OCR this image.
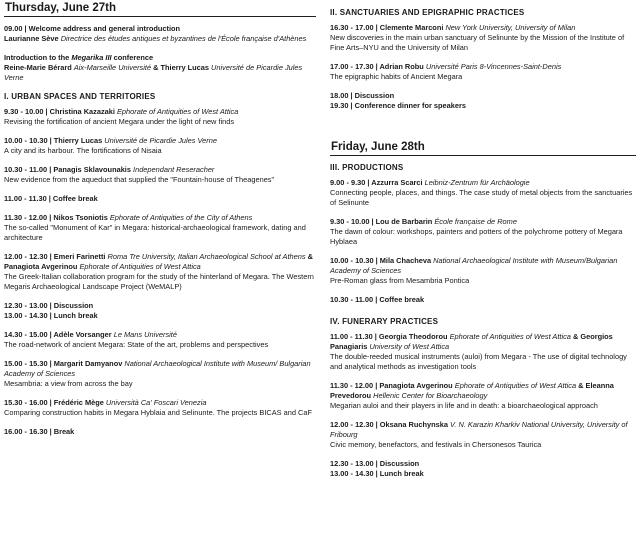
Thursday, June 27th
09.00 | Welcome address and general introduction
Laurianne Sève Directrice des études antiques et byzantines de l'École française d'Athènes
Introduction to the Megarika III conference
Reine-Marie Bérard Aix-Marseille Université & Thierry Lucas Université de Picardie Jules Verne
I. URBAN SPACES AND TERRITORIES
9.30 - 10.00 | Christina Kazazaki Ephorate of Antiquities of West Attica
Revising the fortification of ancient Megara under the light of new finds
10.00 - 10.30 | Thierry Lucas Université de Picardie Jules Verne
A city and its harbour. The fortifications of Nisaia
10.30 - 11.00 | Panagis Sklavounakis Independant Reseracher
New evidence from the aqueduct that supplied the "Fountain-house of Theagenes"
11.00 - 11.30 | Coffee break
11.30 - 12.00 | Nikos Tsoniotis Ephorate of Antiquities of the City of Athens
The so-called "Monument of Kar" in Megara: historical-archaeological framework, dating and architecture
12.00 - 12.30 | Emeri Farinetti Roma Tre University, Italian Archaeological School at Athens & Panagiota Avgerinou Ephorate of Antiquities of West Attica
The Greek-Italian collaboration program for the study of the hinterland of Megara. The Western Megaris Archaeological Landscape Project (WeMALP)
12.30 - 13.00 | Discussion
13.00 - 14.30 | Lunch break
14.30 - 15.00 | Adèle Vorsanger Le Mans Université
The road-network of ancient Megara: State of the art, problems and perspectives
15.00 - 15.30 | Margarit Damyanov National Archaeological Institute with Museum/ Bulgarian Academy of Sciences
Mesambria: a view from across the bay
15.30 - 16.00 | Frédéric Mège Università Ca' Foscari Venezia
Comparing construction habits in Megara Hyblaia and Selinunte. The projects BICAS and CaF
16.00 - 16.30 | Break
II. SANCTUARIES AND EPIGRAPHIC PRACTICES
16.30 - 17.00 | Clemente Marconi New York University, University of Milan
New discoveries in the main urban sanctuary of Selinunte by the Mission of the Institute of Fine Arts–NYU and the University of Milan
17.00 - 17.30 | Adrian Robu Université Paris 8-Vincennes-Saint-Denis
The epigraphic habits of Ancient Megara
18.00 | Discussion
19.30 | Conference dinner for speakers
Friday, June 28th
III. PRODUCTIONS
9.00 - 9.30 | Azzurra Scarci Leibniz-Zentrum für Archäologie
Connecting people, places, and things. The case study of metal objects from the sanctuaries of Selinunte
9.30 - 10.00 | Lou de Barbarin École française de Rome
The dawn of colour: workshops, painters and potters of the polychrome pottery of Megara Hyblaea
10.00 - 10.30 | Mila Chacheva National Archaeological Institute with Museum/Bulgarian Academy of Sciences
Pre-Roman glass from Mesambria Pontica
10.30 - 11.00 | Coffee break
IV. FUNERARY PRACTICES
11.00 - 11.30 | Georgia Theodorou Ephorate of Antiquities of West Attica & Georgios Panagiaris University of West Attica
The double-reeded musical instruments (auloi) from Megara - The use of digital technology and analytical methods as investigation tools
11.30 - 12.00 | Panagiota Avgerinou Ephorate of Antiquities of West Attica & Eleanna Prevedorou Hellenic Center for Bioarchaeology
Megarian auloi and their players in life and in death: a bioarchaeological approach
12.00 - 12.30 | Oksana Ruchynska V. N. Karazin Kharkiv National University, University of Fribourg
Civic memory, benefactors, and festivals in Chersonesos Taurica
12.30 - 13.00 | Discussion
13.00 - 14.30 | Lunch break
